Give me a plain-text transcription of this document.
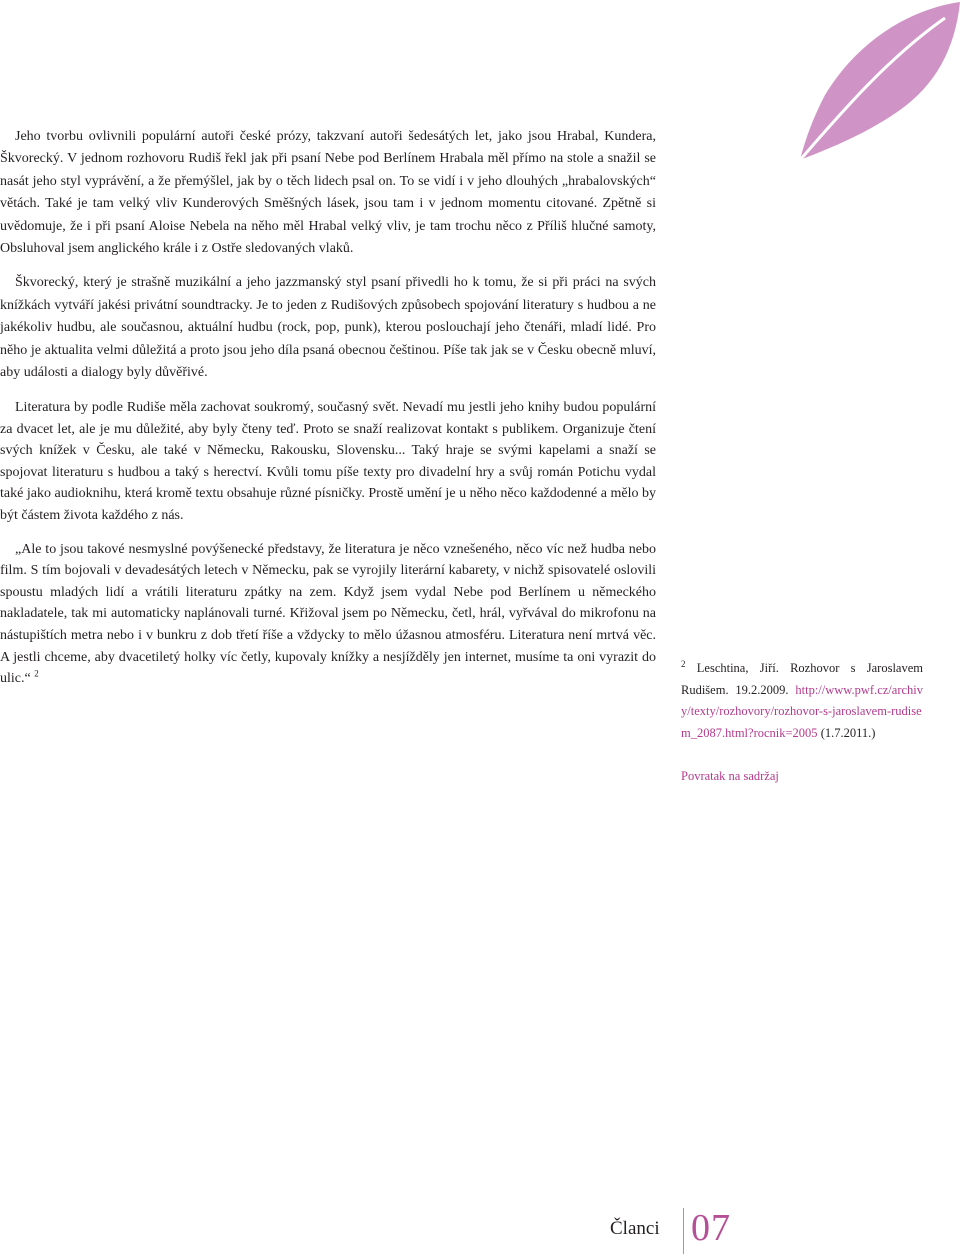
Jeho tvorbu ovlivnili populární autoři české prózy, takzvaní autoři šedesátých let, jako jsou Hrabal, Kundera, Škvorecký. V jednom rozhovoru Rudiš řekl jak při psaní Nebe pod Berlínem Hrabala měl přímo na stole a snažil se nasát jeho styl vyprávění, a že přemýšlel, jak by o těch lidech psal on. To se vidí i v jeho dlouhých „hrabalovských“ větách. Také je tam velký vliv Kunderových Směšných lásek, jsou tam i v jednom momentu citované. Zpětně si uvědomuje, že i při psaní Aloise Nebela na něho měl Hrabal velký vliv, je tam trochu něco z Příliš hlučné samoty, Obsluhoval jsem anglického krále i z Ostře sledovaných vlaků.

Škvorecký, který je strašně muzikální a jeho jazzmanský styl psaní přivedli ho k tomu, že si při práci na svých knížkách vytváří jakési privátní soundtracky. Je to jeden z Rudišových způsobech spojování literatury s hudbou a ne jakékoliv hudbu, ale současnou, aktuální hudbu (rock, pop, punk), kterou poslouchají jeho čtenáři, mladí lidé. Pro něho je aktualita velmi důležitá a proto jsou jeho díla psaná obecnou češtinou. Píše tak jak se v Česku obecně mluví, aby události a dialogy byly důvěřivé.

Literatura by podle Rudiše měla zachovat soukromý, současný svět. Nevadí mu jestli jeho knihy budou populární za dvacet let, ale je mu důležité, aby byly čteny teď. Proto se snaží realizovat kontakt s publikem. Organizuje čtení svých knížek v Česku, ale také v Německu, Rakousku, Slovensku... Taký hraje se svými kapelami a snaží se spojovat literaturu s hudbou a taký s herectví. Kvůli tomu píše texty pro divadelní hry a svůj román Potichu vydal také jako audioknihu, která kromě textu obsahuje různé písničky. Prostě umění je u něho něco každodenné a mělo by být částem života každého z nás.

„Ale to jsou takové nesmyslné povýšenecké představy, že literatura je něco vznešeného, něco víc než hudba nebo film. S tím bojovali v devadesátých letech v Německu, pak se vyrojily literární kabarety, v nichž spisovatelé oslovili spoustu mladých lidí a vrátili literaturu zpátky na zem. Když jsem vydal Nebe pod Berlínem u německého nakladatele, tak mi automaticky naplánovali turné. Křižoval jsem po Německu, četl, hrál, vyřvával do mikrofonu na nástupištích metra nebo i v bunkru z dob třetí říše a vždycky to mělo úžasnou atmosféru. Literatura není mrtvá věc. A jestli chceme, aby dvacetiletý holky víc četly, kupovaly knížky a nesjížděly jen internet, musíme ta oni vyrazit do ulic.“ $^2$

$^2$ Leschtina, Jiří. Rozhovor s Jaroslavem Rudišem. 19.2.2009. http://www.pwf.cz/archivy/texty/rozhovory/rozhovor-s-jaroslavem-rudisem_2087.html?rocnik=2005 (1.7.2011.)
Povratak na sadržaj
Članci 07
